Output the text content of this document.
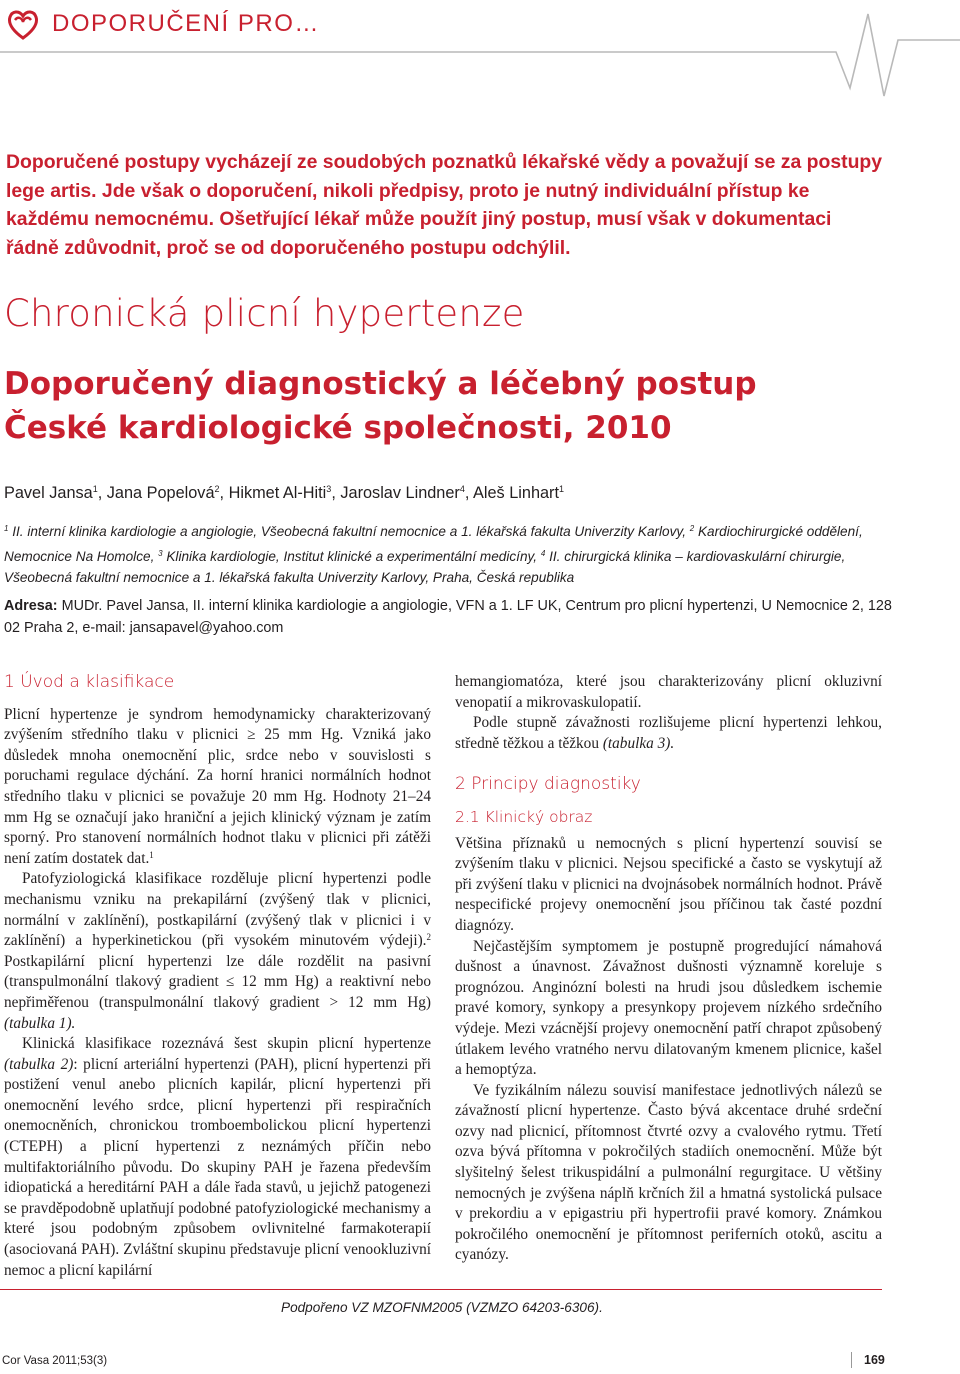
DOPORUČENÍ PRO…

Doporučené postupy vycházejí ze soudobých poznatků lékařské vědy a považují se za postupy lege artis. Jde však o doporučení, nikoli předpisy, proto je nutný individuální přístup ke každému nemocnému. Ošetřující lékař může použít jiný postup, musí však v dokumentaci řádně zdůvodnit, proč se od doporučeného postupu odchýlil.

Chronická plicní hypertenze
Doporučený diagnostický a léčebný postup
České kardiologické společnosti, 2010
Pavel Jansa$^1$, Jana Popelová$^2$, Hikmet Al-Hiti$^3$, Jaroslav Lindner$^4$, Aleš Linhart$^1$

$^1$ II. interní klinika kardiologie a angiologie, Všeobecná fakultní nemocnice a 1. lékařská fakulta Univerzity Karlovy, $^2$ Kardiochirurgické oddělení, Nemocnice Na Homolce, $^3$ Klinika kardiologie, Institut klinické a experimentální medicíny, $^4$ II. chirurgická klinika – kardiovaskulární chirurgie, Všeobecná fakultní nemocnice a 1. lékařská fakulta Univerzity Karlovy, Praha, Česká republika

Adresa: MUDr. Pavel Jansa, II. interní klinika kardiologie a angiologie, VFN a 1. LF UK, Centrum pro plicní hypertenzi, U Nemocnice 2, 128 02 Praha 2, e-mail: jansapavel@yahoo.com

1 Úvod a klasifikace

Plicní hypertenze je syndrom hemodynamicky charakterizovaný zvýšením středního tlaku v plicnici ≥ 25 mm Hg. Vzniká jako důsledek mnoha onemocnění plic, srdce nebo v souvislosti s poruchami regulace dýchání. Za horní hranici normálních hodnot středního tlaku v plicnici se považuje 20 mm Hg. Hodnoty 21–24 mm Hg se označují jako hraniční a jejich klinický význam je zatím sporný. Pro stanovení normálních hodnot tlaku v plicnici při zátěži není zatím dostatek dat.$^1$

Patofyziologická klasifikace rozděluje plicní hypertenzi podle mechanismu vzniku na prekapilární (zvýšený tlak v plicnici, normální v zaklínění), postkapilární (zvýšený tlak v plicnici i v zaklínění) a hyperkinetickou (při vysokém minutovém výdeji).$^2$ Postkapilární plicní hypertenzi lze dále rozdělit na pasivní (transpulmonální tlakový gradient ≤ 12 mm Hg) a reaktivní nebo nepřiměřenou (transpulmonální tlakový gradient > 12 mm Hg) (tabulka 1).

Klinická klasifikace rozeznává šest skupin plicní hypertenze (tabulka 2): plicní arteriální hypertenzi (PAH), plicní hypertenzi při postižení venul anebo plicních kapilár, plicní hypertenzi při onemocnění levého srdce, plicní hypertenzi při respiračních onemocněních, chronickou tromboembolickou plicní hypertenzi (CTEPH) a plicní hypertenzi z neznámých příčin nebo multifaktoriálního původu. Do skupiny PAH je řazena především idiopatická a hereditární PAH a dále řada stavů, u jejichž patogenezi se pravděpodobně uplatňují podobné patofyziologické mechanismy a které jsou podobným způsobem ovlivnitelné farmakoterapií (asociovaná PAH). Zvláštní skupinu představuje plicní venookluzivní nemoc a plicní kapilární

hemangiomatóza, které jsou charakterizovány plicní okluzivní venopatií a mikrovaskulopatií.

Podle stupně závažnosti rozlišujeme plicní hypertenzi lehkou, středně těžkou a těžkou (tabulka 3).

2 Principy diagnostiky
2.1 Klinický obraz

Většina příznaků u nemocných s plicní hypertenzí souvisí se zvýšením tlaku v plicnici. Nejsou specifické a často se vyskytují až při zvýšení tlaku v plicnici na dvojnásobek normálních hodnot. Právě nespecifické projevy onemocnění jsou příčinou tak časté pozdní diagnózy.

Nejčastějším symptomem je postupně progredující námahová dušnost a únavnost. Závažnost dušnosti významně koreluje s prognózou. Anginózní bolesti na hrudi jsou důsledkem ischemie pravé komory, synkopy a presynkopy projevem nízkého srdečního výdeje. Mezi vzácnější projevy onemocnění patří chrapot způsobený útlakem levého vratného nervu dilatovaným kmenem plicnice, kašel a hemoptýza.

Ve fyzikálním nálezu souvisí manifestace jednotlivých nálezů se závažností plicní hypertenze. Často bývá akcentace druhé srdeční ozvy nad plicnicí, přítomnost čtvrté ozvy a cvalového rytmu. Třetí ozva bývá přítomna v pokročilých stadiích onemocnění. Může být slyšitelný šelest trikuspidální a pulmonální regurgitace. U většiny nemocných je zvýšena náplň krčních žil a hmatná systolická pulsace v prekordiu a v epigastriu při hypertrofii pravé komory. Známkou pokročilého onemocnění je přítomnost periferních otoků, ascitu a cyanózy.

Podpořeno VZ MZOFNM2005 (VZMZO 64203-6306).
Cor Vasa 2011;53(3)	169
